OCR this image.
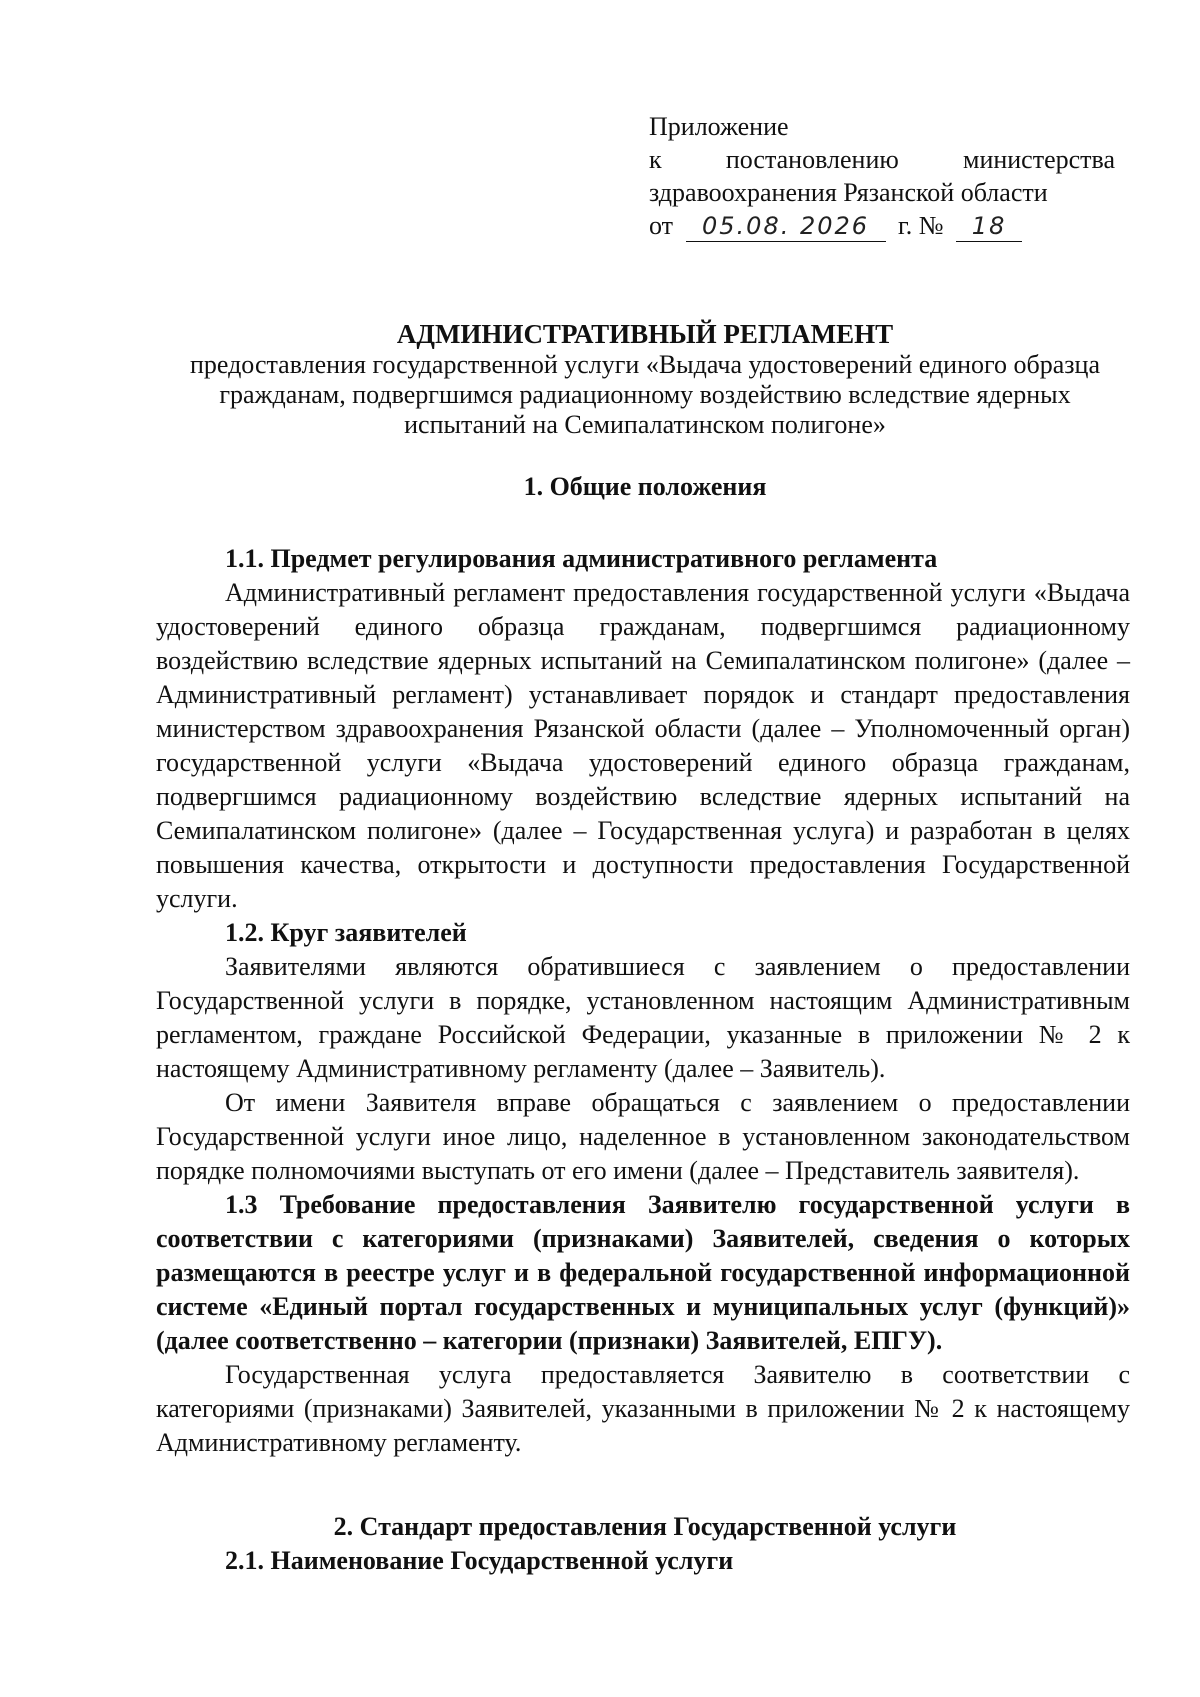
Приложение
к постановлению министерства
здравоохранения Рязанской области
от 05.08. 2026 г. № 18
АДМИНИСТРАТИВНЫЙ РЕГЛАМЕНТ
предоставления государственной услуги «Выдача удостоверений единого образца
гражданам, подвергшимся радиационному воздействию вследствие ядерных
испытаний на Семипалатинском полигоне»
1. Общие положения
1.1. Предмет регулирования административного регламента

Административный регламент предоставления государственной услуги «Выдача удостоверений единого образца гражданам, подвергшимся радиационному воздействию вследствие ядерных испытаний на Семипалатинском полигоне» (далее – Административный регламент) устанавливает порядок и стандарт предоставления министерством здравоохранения Рязанской области (далее – Уполномоченный орган) государственной услуги «Выдача удостоверений единого образца гражданам, подвергшимся радиационному воздействию вследствие ядерных испытаний на Семипалатинском полигоне» (далее – Государственная услуга) и разработан в целях повышения качества, открытости и доступности предоставления Государственной услуги.

1.2. Круг заявителей

Заявителями являются обратившиеся с заявлением о предоставлении Государственной услуги в порядке, установленном настоящим Административным регламентом, граждане Российской Федерации, указанные в приложении № 2 к настоящему Административному регламенту (далее – Заявитель).

От имени Заявителя вправе обращаться с заявлением о предоставлении Государственной услуги иное лицо, наделенное в установленном законодательством порядке полномочиями выступать от его имени (далее – Представитель заявителя).

1.3 Требование предоставления Заявителю государственной услуги в соответствии с категориями (признаками) Заявителей, сведения о которых размещаются в реестре услуг и в федеральной государственной информационной системе «Единый портал государственных и муниципальных услуг (функций)» (далее соответственно – категории (признаки) Заявителей, ЕПГУ).

Государственная услуга предоставляется Заявителю в соответствии с категориями (признаками) Заявителей, указанными в приложении № 2 к настоящему Административному регламенту.

2. Стандарт предоставления Государственной услуги
2.1. Наименование Государственной услуги
